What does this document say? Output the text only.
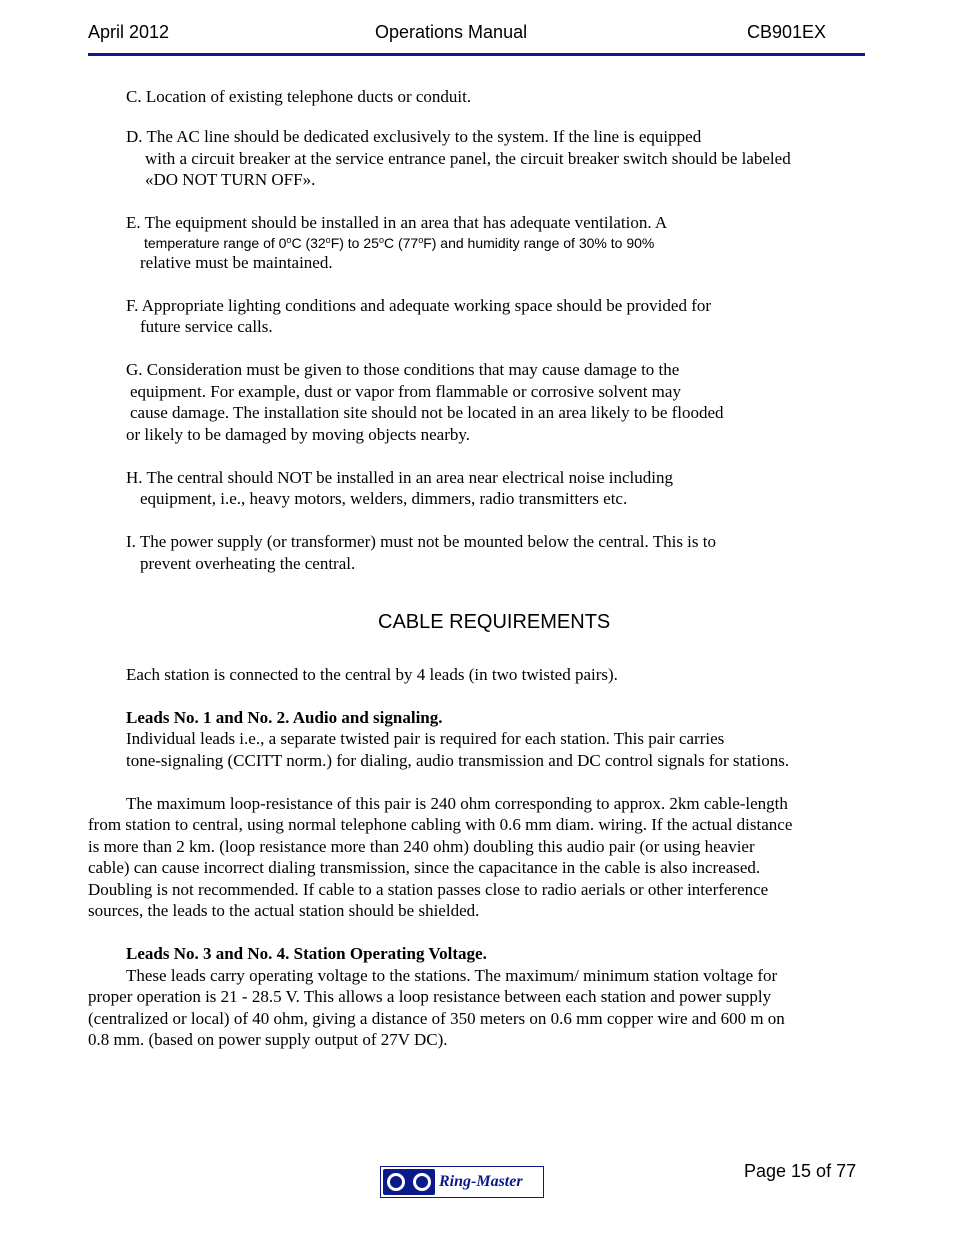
April 2012	Operations Manual	CB901EX
C. Location of existing telephone ducts or conduit.
D. The AC line should be dedicated exclusively to the system. If the line is equipped
with a circuit breaker at the service entrance panel, the circuit breaker switch should be labeled
«DO NOT TURN OFF».
E. The equipment should be installed in an area that has adequate ventilation. A
temperature range of 0$^o$C (32$^o$F) to 25$^o$C (77$^o$F) and humidity range of 30% to 90%
relative must be maintained.
F. Appropriate lighting conditions and adequate working space should be provided for
future service calls.
G. Consideration must be given to those conditions that may cause damage to the
equipment. For example, dust or vapor from flammable or corrosive solvent may
cause damage. The installation site should not be located in an area likely to be flooded
or likely to be damaged by moving objects nearby.
H. The central should NOT be installed in an area near electrical noise including
equipment, i.e., heavy motors, welders, dimmers, radio transmitters etc.
I. The power supply (or transformer) must not be mounted below the central. This is to
prevent overheating the central.
CABLE REQUIREMENTS
Each station is connected to the central by 4 leads (in two twisted pairs).
Leads No. 1 and No. 2. Audio and signaling.
Individual leads i.e., a separate twisted pair is required for each station. This pair carries
tone-signaling (CCITT norm.) for dialing, audio transmission and DC control signals for stations.
The maximum loop-resistance of this pair is 240 ohm corresponding to approx. 2km cable-length
from station to central, using normal telephone cabling with 0.6 mm diam. wiring. If the actual distance
is more than 2 km. (loop resistance more than 240 ohm) doubling this audio pair (or using heavier
cable) can cause incorrect dialing transmission, since the capacitance in the cable is also increased.
Doubling is not recommended. If cable to a station passes close to radio aerials or other interference
sources, the leads to the actual station should be shielded.
Leads No. 3 and No. 4. Station Operating Voltage.
These leads carry operating voltage to the stations. The maximum/ minimum station voltage for
proper operation is 21 - 28.5 V. This allows a loop resistance between each station and power supply
(centralized or local) of 40 ohm, giving a distance of 350 meters on 0.6 mm copper wire and 600 m on
0.8 mm. (based on power supply output of 27V DC).
Ring-Master
Page 15 of 77
